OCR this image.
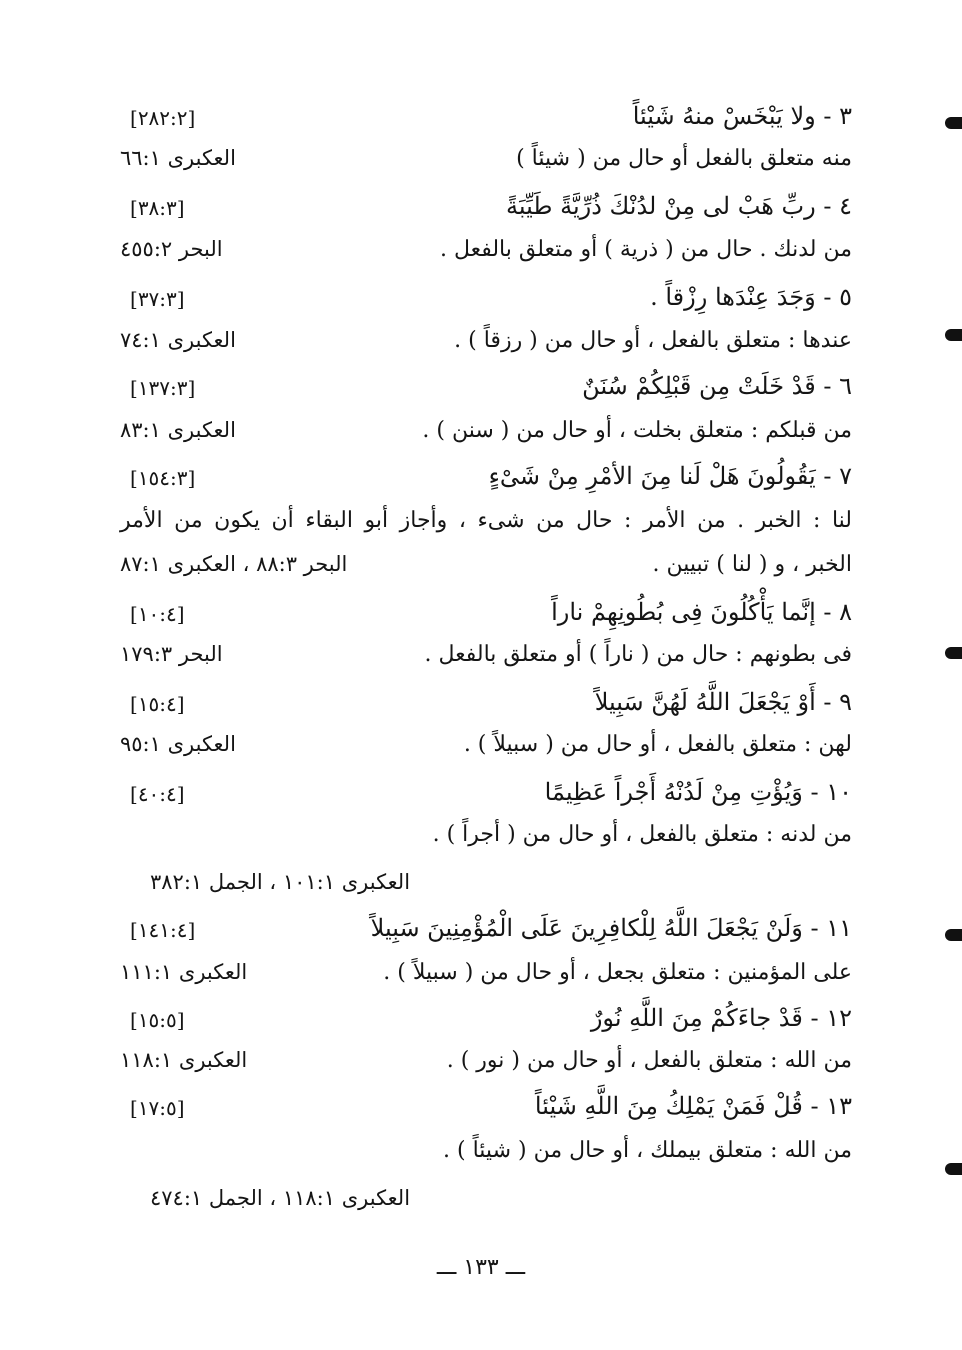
٣ - ولا يَبْخَسْ منهُ شَيْئاً
[٢٨٢:٢]
منه متعلق بالفعل أو حال من ( شيئاً )
العكبرى ٦٦:١
٤ - ربِّ هَبْ لى مِنْ لدُنْكَ ذُرِّيَّةً طَيِّبَةً
[٣٨:٣]
من لدنك . حال من ( ذرية ) أو متعلق بالفعل .
البحر ٤٥٥:٢
٥ - وَجَدَ عِنْدَها رِزْقاً .
[٣٧:٣]
عندها : متعلق بالفعل ، أو حال من ( رزقاً ) .
العكبرى ٧٤:١
٦ - قَدْ خَلَتْ مِن قَبْلِكُمْ سُنَنٌ
[١٣٧:٣]
من قبلكم : متعلق بخلت ، أو حال من ( سنن ) .
العكبرى ٨٣:١
٧ - يَقُولُونَ هَلْ لَنا مِنَ الأمْرِ مِنْ شَىْءٍ
[١٥٤:٣]
لنا : الخبر . من الأمر : حال من شىء ، وأجاز أبو البقاء أن يكون من الأمر
الخبر ، و ( لنا ) تبيين .
البحر ٨٨:٣ ، العكبرى ٨٧:١
٨ - إنَّما يَأْكُلُونَ فِى بُطُونِهِمْ ناراً
[١٠:٤]
فى بطونهم : حال من ( ناراً ) أو متعلق بالفعل .
البحر ١٧٩:٣
٩ - أَوْ يَجْعَلَ اللَّهُ لَهُنَّ سَبِيلاً
[١٥:٤]
لهن : متعلق بالفعل ، أو حال من ( سبيلاً ) .
العكبرى ٩٥:١
١٠ - وَيُؤْتِ مِنْ لَدُنْهُ أَجْراً عَظِيمًا
[٤٠:٤]
من لدنه : متعلق بالفعل ، أو حال من ( أجراً ) .
العكبرى ١٠١:١ ، الجمل ٣٨٢:١
١١ - وَلَنْ يَجْعَلَ اللَّهُ لِلْكافِرِينَ عَلَى الْمُؤْمِنِينَ سَبِيلاً
[١٤١:٤]
على المؤمنين : متعلق بجعل ، أو حال من ( سبيلاً ) .
العكبرى ١١١:١
١٢ - قَدْ جاءَكُمْ مِنَ اللَّهِ نُورٌ
[١٥:٥]
من الله : متعلق بالفعل ، أو حال من ( نور ) .
العكبرى ١١٨:١
١٣ - قُلْ فَمَنْ يَمْلِكُ مِنَ اللَّهِ شَيْئاً
[١٧:٥]
من الله : متعلق بيملك ، أو حال من ( شيئاً ) .
العكبرى ١١٨:١ ، الجمل ٤٧٤:١
ـــ ١٣٣ ـــ
